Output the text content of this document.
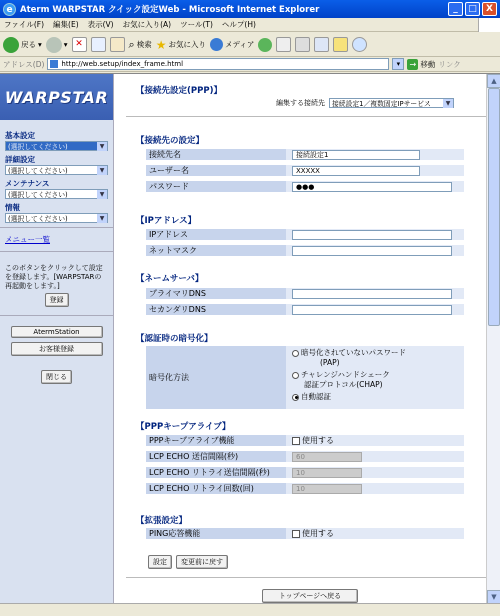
e Aterm WARPSTAR クイック設定Web - Microsoft Internet Explorer	_	□	X
ファイル(F) 編集(E) 表示(V) お気に入り(A) ツール(T) ヘルプ(H)
戻る ▾	▾ ✕	⌕ 検索 ★ お気に入り	メディア
アドレス(D) http://web.setup/index_frame.html	▾	→ 移動 リンク
WARPSTAR
基本設定
(選択してください)	▼
詳細設定
(選択してください)	▼
メンテナンス
(選択してください)	▼
情報
(選択してください)	▼
メニュー一覧
このボタンをクリックして設定を登録します。[WARPSTARの再起動をします。]
登録
AtermStation
お客様登録
閉じる
【接続先設定(PPP)】
編集する接続先 接続設定1／複数固定IPサービス	▼
【接続先の設定】
接続先名	接続設定1
ユーザー名	XXXXX
パスワード	●●●
【IPアドレス】
IPアドレス
ネットマスク
【ネームサーバ】
プライマリDNS
セカンダリDNS
【認証時の暗号化】
暗号化方法
暗号化されていないパスワード
(PAP)
チャレンジハンドシェーク
認証プロトコル(CHAP)
自動認証
【PPPキープアライブ】
PPPキープアライブ機能	使用する
LCP ECHO 送信間隔(秒)	60
LCP ECHO リトライ送信間隔(秒)	10
LCP ECHO リトライ回数(回)	10
【拡張設定】
PING応答機能	使用する
設定	変更前に戻す
トップページへ戻る
▲
▼
